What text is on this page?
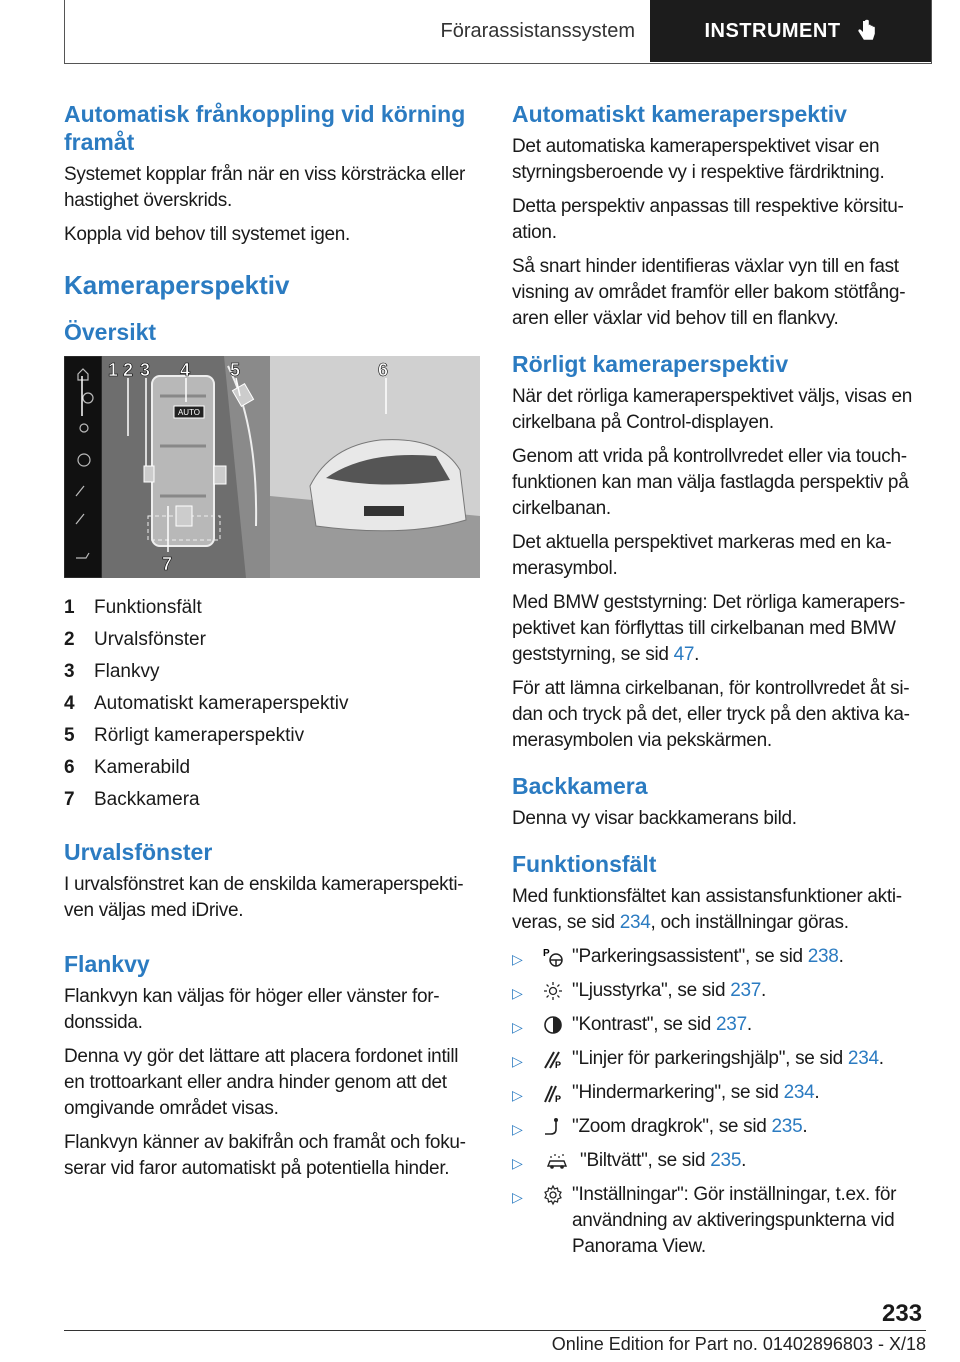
Förarassistanssystem	INSTRUMENT
Automatisk frånkoppling vid körning framåt

Systemet kopplar från när en viss körsträcka eller hastighet överskrids.

Koppla vid behov till systemet igen.

Kameraperspektiv
Översikt
AUTO
1 2 3 4 5	6
7
1	Funktionsfält
2	Urvalsfönster
3	Flankvy
4	Automatiskt kameraperspektiv
5	Rörligt kameraperspektiv
6	Kamerabild
7	Backkamera
Urvalsfönster

I urvalsfönstret kan de enskilda kameraperspektiven väljas med iDrive.

Flankvy

Flankvyn kan väljas för höger eller vänster fordonssida.

Denna vy gör det lättare att placera fordonet intill en trottoarkant eller andra hinder genom att det omgivande området visas.

Flankvyn känner av bakifrån och framåt och fokuserar vid faror automatiskt på potentiella hinder.

Automatiskt kameraperspektiv

Det automatiska kameraperspektivet visar en styrningsberoende vy i respektive färdriktning.

Detta perspektiv anpassas till respektive körsituation.

Så snart hinder identifieras växlar vyn till en fast visning av området framför eller bakom stötfångaren eller växlar vid behov till en flankvy.

Rörligt kameraperspektiv

När det rörliga kameraperspektivet väljs, visas en cirkelbana på Control-displayen.

Genom att vrida på kontrollvredet eller via touchfunktionen kan man välja fastlagda perspektiv på cirkelbanan.

Det aktuella perspektivet markeras med en kamerasymbol.

Med BMW geststyrning: Det rörliga kameraperspektivet kan förflyttas till cirkelbanan med BMW geststyrning, se sid 47.

För att lämna cirkelbanan, för kontrollvredet åt sidan och tryck på det, eller tryck på den aktiva kamerasymbolen via pekskärmen.

Backkamera

Denna vy visar backkamerans bild.

Funktionsfält

Med funktionsfältet kan assistansfunktioner aktiveras, se sid 234, och inställningar göras.

▷	P "Parkeringsassistent", se sid 238.
▷	"Ljusstyrka", se sid 237.
▷	"Kontrast", se sid 237.
▷	P "Linjer för parkeringshjälp", se sid 234.
▷	P "Hindermarkering", se sid 234.
▷	"Zoom dragkrok", se sid 235.
▷	"Biltvätt", se sid 235.
▷	"Inställningar": Gör inställningar, t.ex. för användning av aktiveringspunkterna vid Panorama View.
233
Online Edition for Part no. 01402896803 - X/18
